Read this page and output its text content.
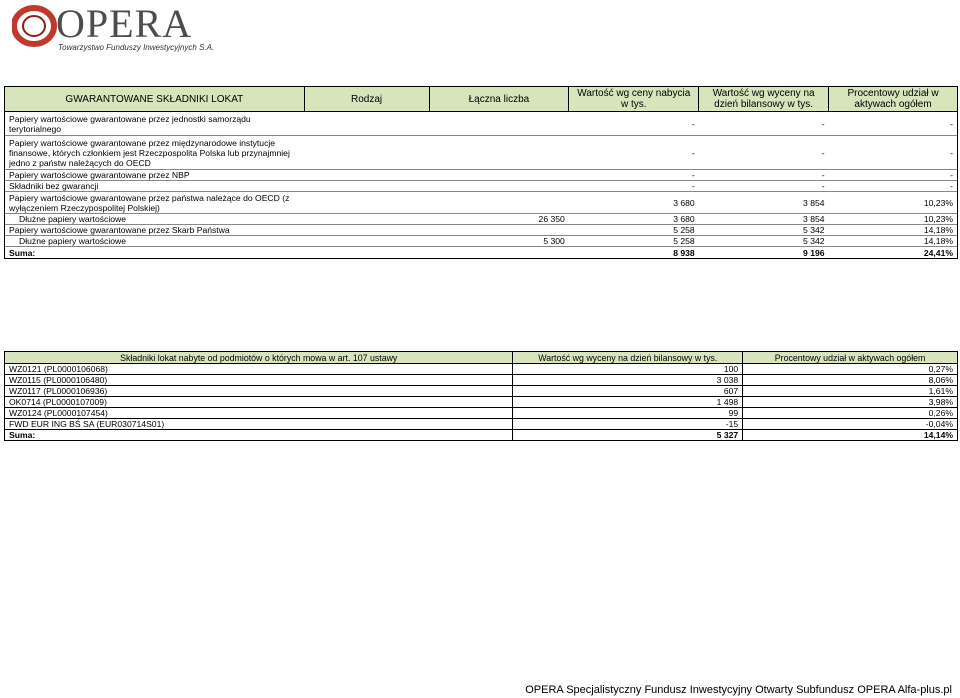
OPERA
Towarzystwo Funduszy Inwestycyjnych S.A.
GWARANTOWANE SKŁADNIKI LOKAT	Rodzaj	Łączna liczba	Wartość wg ceny nabycia w tys.	Wartość wg wyceny na dzień bilansowy w tys.	Procentowy udział w aktywach ogółem
Papiery wartościowe gwarantowane przez jednostki samorządu terytorialnego			-	-	-
Papiery wartościowe gwarantowane przez międzynarodowe instytucje finansowe, których członkiem jest Rzeczpospolita Polska lub przynajmniej jedno z państw należących do OECD			-	-	-
Papiery wartościowe gwarantowane przez NBP			-	-	-
Składniki bez gwarancji			-	-	-
Papiery wartościowe gwarantowane przez państwa należące do OECD (z wyłączeniem Rzeczypospolitej Polskiej)			3 680	3 854	10,23%
Dłużne papiery wartościowe		26 350	3 680	3 854	10,23%
Papiery wartościowe gwarantowane przez Skarb Państwa			5 258	5 342	14,18%
Dłużne papiery wartościowe		5 300	5 258	5 342	14,18%
Suma:			8 938	9 196	24,41%
Składniki lokat nabyte od podmiotów o których mowa w art. 107 ustawy	Wartość wg wyceny na dzień bilansowy w tys.	Procentowy udział w aktywach ogółem
WZ0121 (PL0000106068)	100	0,27%
WZ0115 (PL0000106480)	3 038	8,06%
WZ0117 (PL0000106936)	607	1,61%
OK0714 (PL0000107009)	1 498	3,98%
WZ0124 (PL0000107454)	99	0,26%
FWD EUR ING BŚ SA (EUR030714S01)	-15	-0,04%
Suma:	5 327	14,14%
OPERA Specjalistyczny Fundusz Inwestycyjny Otwarty Subfundusz OPERA Alfa-plus.pl
